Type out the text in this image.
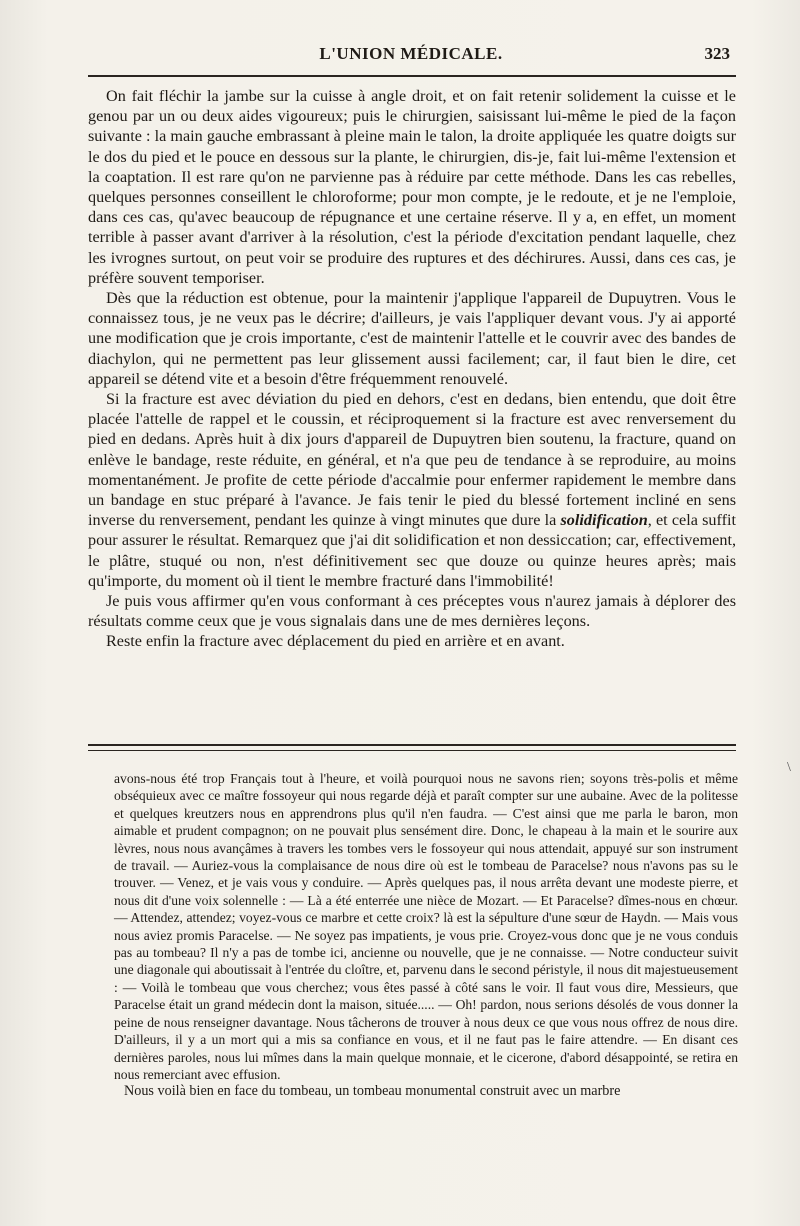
L'UNION MÉDICALE.	323

On fait fléchir la jambe sur la cuisse à angle droit, et on fait retenir solidement la cuisse et le genou par un ou deux aides vigoureux; puis le chirurgien, saisissant lui-même le pied de la façon suivante : la main gauche embrassant à pleine main le talon, la droite appliquée les quatre doigts sur le dos du pied et le pouce en dessous sur la plante, le chirurgien, dis-je, fait lui-même l'extension et la coaptation. Il est rare qu'on ne parvienne pas à réduire par cette méthode. Dans les cas rebelles, quelques personnes conseillent le chloroforme; pour mon compte, je le redoute, et je ne l'emploie, dans ces cas, qu'avec beaucoup de répugnance et une certaine réserve. Il y a, en effet, un moment terrible à passer avant d'arriver à la résolution, c'est la période d'excitation pendant laquelle, chez les ivrognes surtout, on peut voir se produire des ruptures et des déchirures. Aussi, dans ces cas, je préfère souvent temporiser.

Dès que la réduction est obtenue, pour la maintenir j'applique l'appareil de Dupuytren. Vous le connaissez tous, je ne veux pas le décrire; d'ailleurs, je vais l'appliquer devant vous. J'y ai apporté une modification que je crois importante, c'est de maintenir l'attelle et le couvrir avec des bandes de diachylon, qui ne permettent pas leur glissement aussi facilement; car, il faut bien le dire, cet appareil se détend vite et a besoin d'être fréquemment renouvelé.

Si la fracture est avec déviation du pied en dehors, c'est en dedans, bien entendu, que doit être placée l'attelle de rappel et le coussin, et réciproquement si la fracture est avec renversement du pied en dedans. Après huit à dix jours d'appareil de Dupuytren bien soutenu, la fracture, quand on enlève le bandage, reste réduite, en général, et n'a que peu de tendance à se reproduire, au moins momentanément. Je profite de cette période d'accalmie pour enfermer rapidement le membre dans un bandage en stuc préparé à l'avance. Je fais tenir le pied du blessé fortement incliné en sens inverse du renversement, pendant les quinze à vingt minutes que dure la solidification, et cela suffit pour assurer le résultat. Remarquez que j'ai dit solidification et non dessiccation; car, effectivement, le plâtre, stuqué ou non, n'est définitivement sec que douze ou quinze heures après; mais qu'importe, du moment où il tient le membre fracturé dans l'immobilité!

Je puis vous affirmer qu'en vous conformant à ces préceptes vous n'aurez jamais à déplorer des résultats comme ceux que je vous signalais dans une de mes dernières leçons.

Reste enfin la fracture avec déplacement du pied en arrière et en avant.

avons-nous été trop Français tout à l'heure, et voilà pourquoi nous ne savons rien; soyons très-polis et même obséquieux avec ce maître fossoyeur qui nous regarde déjà et paraît compter sur une aubaine. Avec de la politesse et quelques kreutzers nous en apprendrons plus qu'il n'en faudra. — C'est ainsi que me parla le baron, mon aimable et prudent compagnon; on ne pouvait plus sensément dire. Donc, le chapeau à la main et le sourire aux lèvres, nous nous avançâmes à travers les tombes vers le fossoyeur qui nous attendait, appuyé sur son instrument de travail. — Auriez-vous la complaisance de nous dire où est le tombeau de Paracelse? nous n'avons pas su le trouver. — Venez, et je vais vous y conduire. — Après quelques pas, il nous arrêta devant une modeste pierre, et nous dit d'une voix solennelle : — Là a été enterrée une nièce de Mozart. — Et Paracelse? dîmes-nous en chœur. — Attendez, attendez; voyez-vous ce marbre et cette croix? là est la sépulture d'une sœur de Haydn. — Mais vous nous aviez promis Paracelse. — Ne soyez pas impatients, je vous prie. Croyez-vous donc que je ne vous conduis pas au tombeau? Il n'y a pas de tombe ici, ancienne ou nouvelle, que je ne connaisse. — Notre conducteur suivit une diagonale qui aboutissait à l'entrée du cloître, et, parvenu dans le second péristyle, il nous dit majestueusement : — Voilà le tombeau que vous cherchez; vous êtes passé à côté sans le voir. Il faut vous dire, Messieurs, que Paracelse était un grand médecin dont la maison, située..... — Oh! pardon, nous serions désolés de vous donner la peine de nous renseigner davantage. Nous tâcherons de trouver à nous deux ce que vous nous offrez de nous dire. D'ailleurs, il y a un mort qui a mis sa confiance en vous, et il ne faut pas le faire attendre. — En disant ces dernières paroles, nous lui mîmes dans la main quelque monnaie, et le cicerone, d'abord désappointé, se retira en nous remerciant avec effusion.

Nous voilà bien en face du tombeau, un tombeau monumental construit avec un marbre

\
